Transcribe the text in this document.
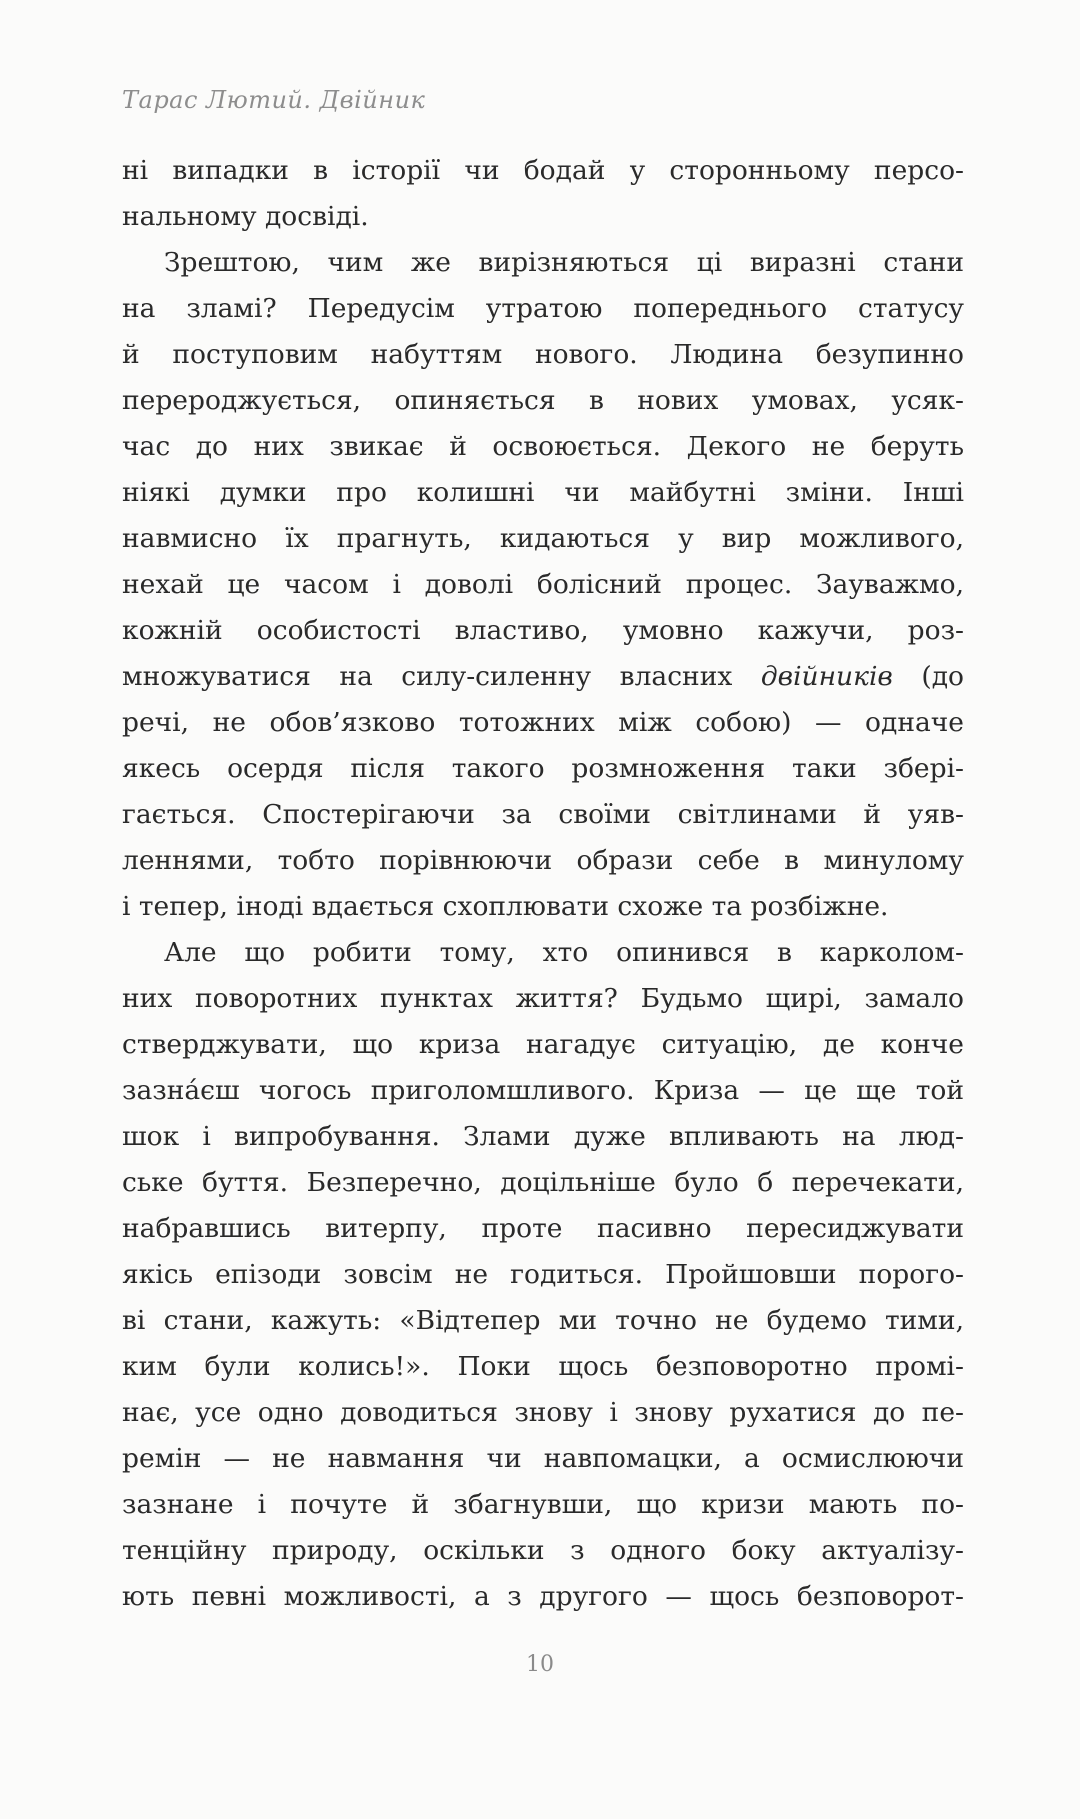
Тарас Лютий. Двійник
ні випадки в історії чи бодай у сторонньому персо-
нальному досвіді.
Зрештою, чим же вирізняються ці виразні стани
на зламі? Передусім утратою попереднього статусу
й поступовим набуттям нового. Людина безупинно
перероджується, опиняється в нових умовах, усяк-
час до них звикає й освоюється. Декого не беруть
ніякі думки про колишні чи майбутні зміни. Інші
навмисно їх прагнуть, кидаються у вир можливого,
нехай це часом і доволі болісний процес. Зауважмо,
кожній особистості властиво, умовно кажучи, роз-
множуватися на силу-силенну власних двійників (до
речі, не обов’язково тотожних між собою) — одначе
якесь осердя після такого розмноження таки збері-
гається. Спостерігаючи за своїми світлинами й уяв-
леннями, тобто порівнюючи образи себе в минулому
і тепер, іноді вдається схоплювати схоже та розбіжне.
Але що робити тому, хто опинився в карколом-
них поворотних пунктах життя? Будьмо щирі, замало
стверджувати, що криза нагадує ситуацію, де конче
зазна́єш чогось приголомшливого. Криза — це ще той
шок і випробування. Злами дуже впливають на люд-
ське буття. Безперечно, доцільніше було б перечекати,
набравшись витерпу, проте пасивно пересиджувати
якісь епізоди зовсім не годиться. Пройшовши порого-
ві стани, кажуть: «Відтепер ми точно не будемо тими,
ким були колись!». Поки щось безповоротно промі-
нає, усе одно доводиться знову і знову рухатися до пе-
ремін — не навмання чи навпомацки, а осмислюючи
зазнане і почуте й збагнувши, що кризи мають по-
тенційну природу, оскільки з одного боку актуалізу-
ють певні можливості, а з другого — щось безповорот-
10
